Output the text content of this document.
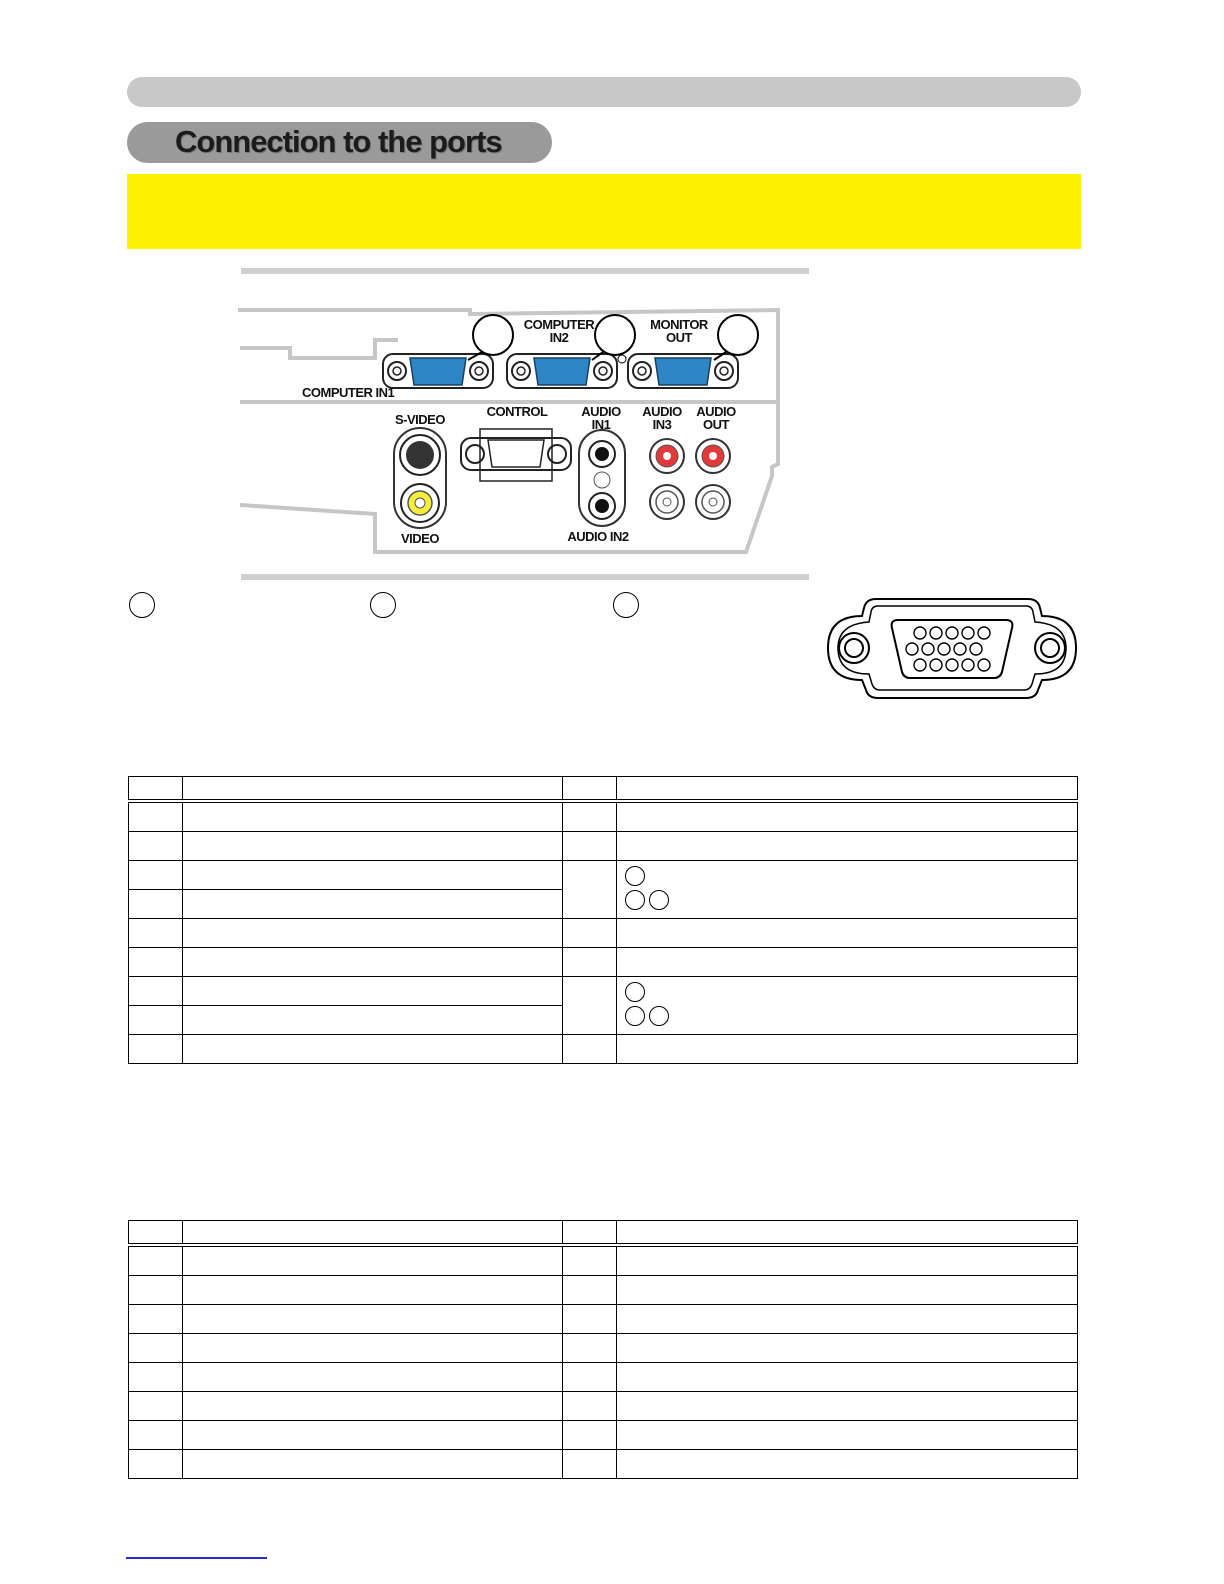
Connection to the ports
COMPUTER IN1
COMPUTER
IN2
MONITOR
OUT
S-VIDEO
CONTROL	AUDIO
IN1
AUDIO
IN3
AUDIO
OUT
VIDEO	AUDIO IN2
